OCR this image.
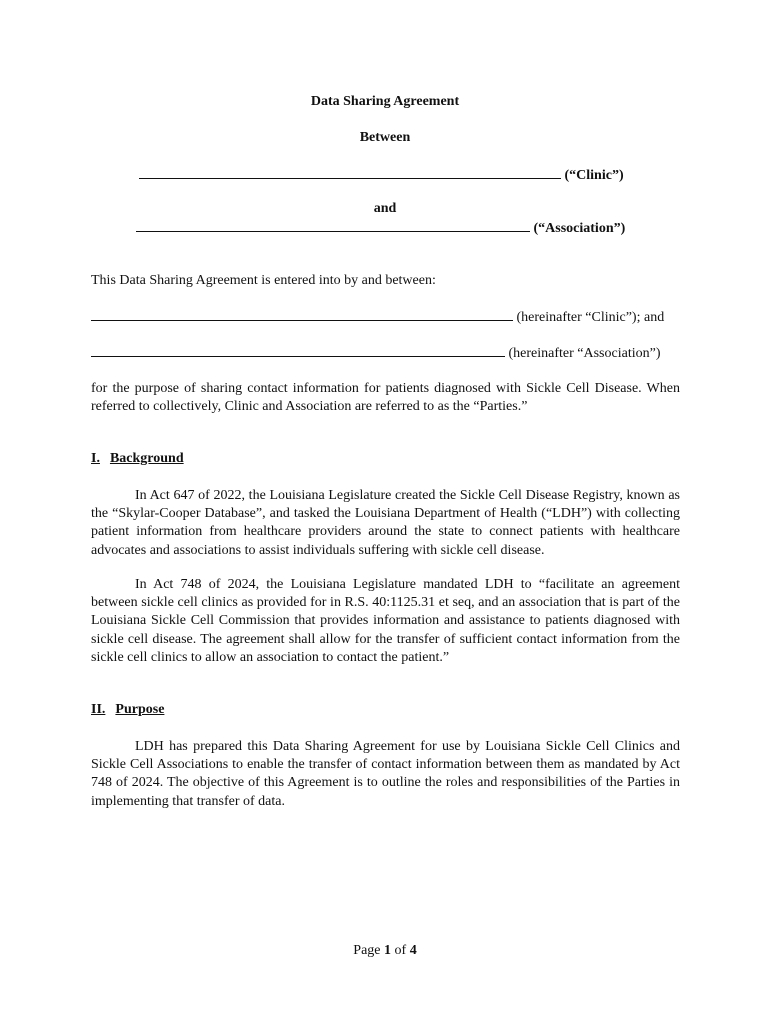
Data Sharing Agreement
Between
(“Clinic”)
and
(“Association”)
This Data Sharing Agreement is entered into by and between:
(hereinafter “Clinic”); and
(hereinafter “Association”)
for the purpose of sharing contact information for patients diagnosed with Sickle Cell Disease. When referred to collectively, Clinic and Association are referred to as the “Parties.”
I. Background
In Act 647 of 2022, the Louisiana Legislature created the Sickle Cell Disease Registry, known as the “Skylar-Cooper Database”, and tasked the Louisiana Department of Health (“LDH”) with collecting patient information from healthcare providers around the state to connect patients with healthcare advocates and associations to assist individuals suffering with sickle cell disease.
In Act 748 of 2024, the Louisiana Legislature mandated LDH to “facilitate an agreement between sickle cell clinics as provided for in R.S. 40:1125.31 et seq, and an association that is part of the Louisiana Sickle Cell Commission that provides information and assistance to patients diagnosed with sickle cell disease. The agreement shall allow for the transfer of sufficient contact information from the sickle cell clinics to allow an association to contact the patient.”
II. Purpose
LDH has prepared this Data Sharing Agreement for use by Louisiana Sickle Cell Clinics and Sickle Cell Associations to enable the transfer of contact information between them as mandated by Act 748 of 2024. The objective of this Agreement is to outline the roles and responsibilities of the Parties in implementing that transfer of data.
Page 1 of 4
